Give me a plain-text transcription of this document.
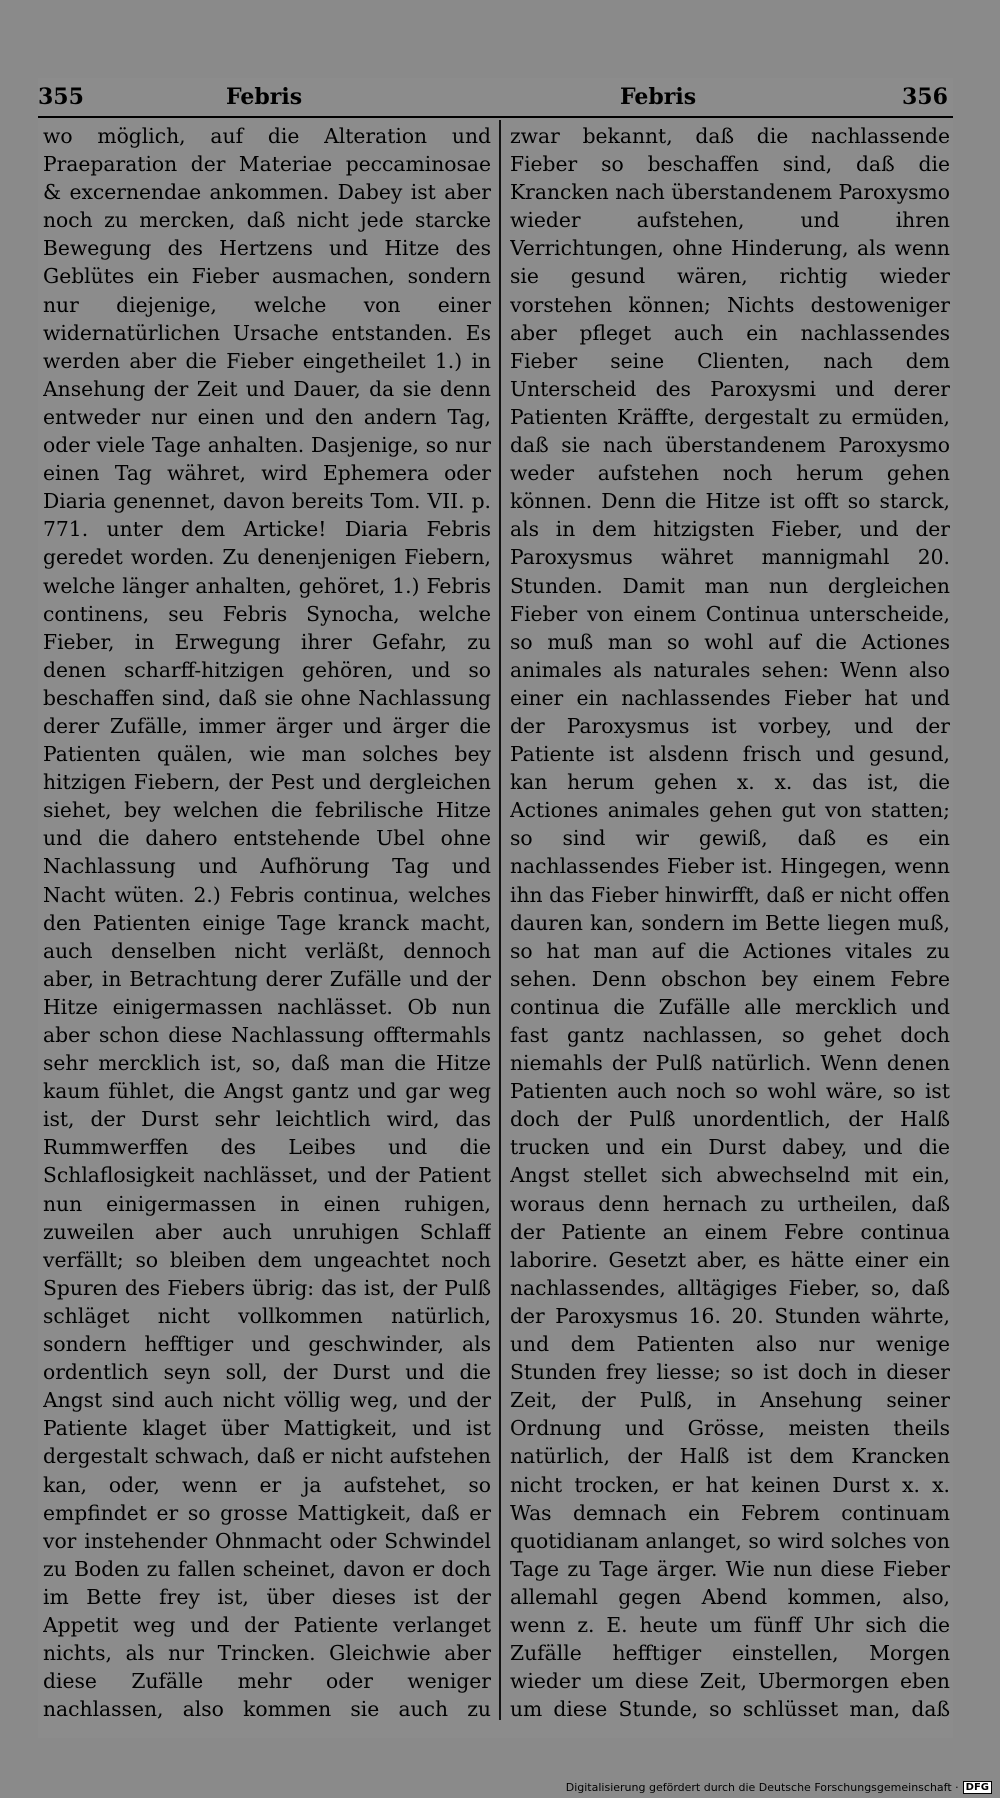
355	Febris	Febris	356

wo möglich, auf die Alteration und Praeparation der Materiae peccaminosae & excernendae ankommen. Dabey ist aber noch zu mercken, daß nicht jede starcke Bewegung des Hertzens und Hitze des Geblütes ein Fieber ausmachen, sondern nur diejenige, welche von einer widernatürlichen Ursache entstanden. Es werden aber die Fieber eingetheilet 1.) in Ansehung der Zeit und Dauer, da sie denn entweder nur einen und den andern Tag, oder viele Tage anhalten. Dasjenige, so nur einen Tag währet, wird Ephemera oder Diaria genennet, davon bereits Tom. VII. p. 771. unter dem Articke! Diaria Febris geredet worden. Zu denenjenigen Fiebern, welche länger anhalten, gehöret, 1.) Febris continens, seu Febris Synocha, welche Fieber, in Erwegung ihrer Gefahr, zu denen scharff-hitzigen gehören, und so beschaffen sind, daß sie ohne Nachlassung derer Zufälle, immer ärger und ärger die Patienten quälen, wie man solches bey hitzigen Fiebern, der Pest und dergleichen siehet, bey welchen die febrilische Hitze und die dahero entstehende Ubel ohne Nachlassung und Aufhörung Tag und Nacht wüten. 2.) Febris continua, welches den Patienten einige Tage kranck macht, auch denselben nicht verläßt, dennoch aber, in Betrachtung derer Zufälle und der Hitze einigermassen nachlässet. Ob nun aber schon diese Nachlassung offtermahls sehr mercklich ist, so, daß man die Hitze kaum fühlet, die Angst gantz und gar weg ist, der Durst sehr leichtlich wird, das Rummwerffen des Leibes und die Schlaflosigkeit nachlässet, und der Patient nun einigermassen in einen ruhigen, zuweilen aber auch unruhigen Schlaff verfällt; so bleiben dem ungeachtet noch Spuren des Fiebers übrig: das ist, der Pulß schläget nicht vollkommen natürlich, sondern hefftiger und geschwinder, als ordentlich seyn soll, der Durst und die Angst sind auch nicht völlig weg, und der Patiente klaget über Mattigkeit, und ist dergestalt schwach, daß er nicht aufstehen kan, oder, wenn er ja aufstehet, so empfindet er so grosse Mattigkeit, daß er vor instehender Ohnmacht oder Schwindel zu Boden zu fallen scheinet, davon er doch im Bette frey ist, über dieses ist der Appetit weg und der Patiente verlanget nichts, als nur Trincken. Gleichwie aber diese Zufälle mehr oder weniger nachlassen, also kommen sie auch zu

zwar bekannt, daß die nachlassende Fieber so beschaffen sind, daß die Krancken nach überstandenem Paroxysmo wieder aufstehen, und ihren Verrichtungen, ohne Hinderung, als wenn sie gesund wären, richtig wieder vorstehen können; Nichts destoweniger aber pfleget auch ein nachlassendes Fieber seine Clienten, nach dem Unterscheid des Paroxysmi und derer Patienten Kräffte, dergestalt zu ermüden, daß sie nach überstandenem Paroxysmo weder aufstehen noch herum gehen können. Denn die Hitze ist offt so starck, als in dem hitzigsten Fieber, und der Paroxysmus währet mannigmahl 20. Stunden. Damit man nun dergleichen Fieber von einem Continua unterscheide, so muß man so wohl auf die Actiones animales als naturales sehen: Wenn also einer ein nachlassendes Fieber hat und der Paroxysmus ist vorbey, und der Patiente ist alsdenn frisch und gesund, kan herum gehen x. x. das ist, die Actiones animales gehen gut von statten; so sind wir gewiß, daß es ein nachlassendes Fieber ist. Hingegen, wenn ihn das Fieber hinwirfft, daß er nicht offen dauren kan, sondern im Bette liegen muß, so hat man auf die Actiones vitales zu sehen. Denn obschon bey einem Febre continua die Zufälle alle mercklich und fast gantz nachlassen, so gehet doch niemahls der Pulß natürlich. Wenn denen Patienten auch noch so wohl wäre, so ist doch der Pulß unordentlich, der Halß trucken und ein Durst dabey, und die Angst stellet sich abwechselnd mit ein, woraus denn hernach zu urtheilen, daß der Patiente an einem Febre continua laborire. Gesetzt aber, es hätte einer ein nachlassendes, alltägiges Fieber, so, daß der Paroxysmus 16. 20. Stunden währte, und dem Patienten also nur wenige Stunden frey liesse; so ist doch in dieser Zeit, der Pulß, in Ansehung seiner Ordnung und Grösse, meisten theils natürlich, der Halß ist dem Krancken nicht trocken, er hat keinen Durst x. x. Was demnach ein Febrem continuam quotidianam anlanget, so wird solches von Tage zu Tage ärger. Wie nun diese Fieber allemahl gegen Abend kommen, also, wenn z. E. heute um fünff Uhr sich die Zufälle hefftiger einstellen, Morgen wieder um diese Zeit, Ubermorgen eben um diese Stunde, so schlüsset man, daß

Digitalisierung gefördert durch die Deutsche Forschungsgemeinschaft · DFG
